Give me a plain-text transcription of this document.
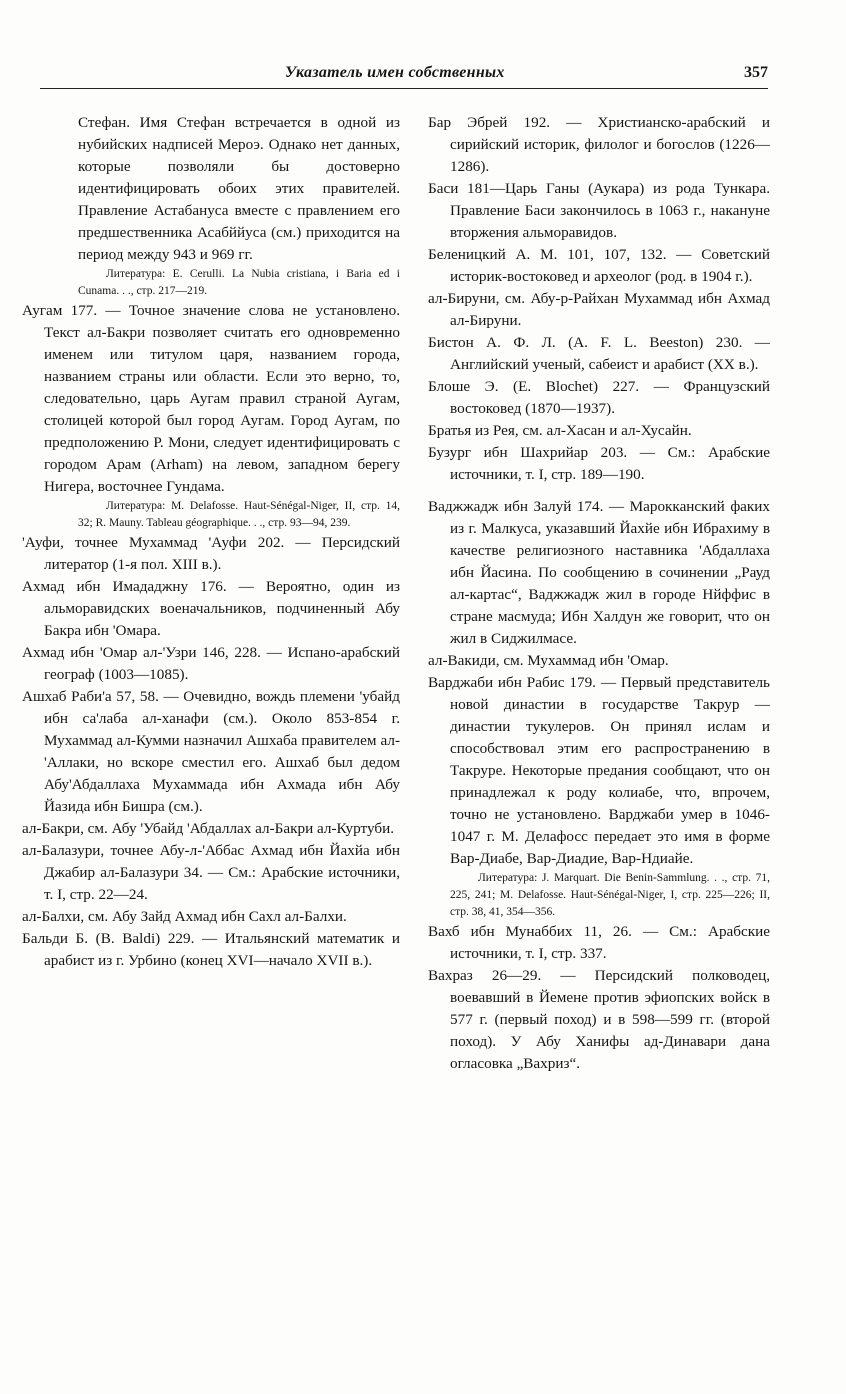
Указатель имен собственных	357
Стефан. Имя Стефан встречается в одной из нубийских надписей Мероэ. Однако нет данных, которые позволяли бы достоверно идентифицировать обоих этих правителей. Правление Астабануса вместе с правлением его предшественника Асабййуса (см.) приходится на период между 943 и 969 гг.
Литература: E. Cerulli. La Nubia cristiana, i Baria ed i Cunama. . ., стр. 217—219.
Аугам 177. — Точное значение слова не установлено. Текст ал-Бакри позволяет считать его одновременно именем или титулом царя, названием города, названием страны или области. Если это верно, то, следовательно, царь Аугам правил страной Аугам, столицей которой был город Аугам. Город Аугам, по предположению Р. Мони, следует идентифицировать с городом Арам (Arham) на левом, западном берегу Нигера, восточнее Гундама.
Литература: M. Delafosse. Haut-Sénégal-Niger, II, стр. 14, 32; R. Mauny. Tableau géographique. . ., стр. 93—94, 239.
'Ауфи, точнее Мухаммад 'Ауфи 202. — Персидский литератор (1-я пол. XIII в.).
Ахмад ибн Имададжну 176. — Вероятно, один из альморавидских военачальников, подчиненный Абу Бакра ибн 'Омара.
Ахмад ибн 'Омар ал-'Узри 146, 228. — Испано-арабский географ (1003—1085).
Ашхаб Раби'а 57, 58. — Очевидно, вождь племени 'убайд ибн са'лаба ал-ханафи (см.). Около 853-854 г. Мухаммад ал-Кумми назначил Ашхаба правителем ал-'Аллаки, но вскоре сместил его. Ашхаб был дедом Абу'Абдаллаха Мухаммада ибн Ахмада ибн Абу Йазида ибн Бишра (см.).
ал-Бакри, см. Абу 'Убайд 'Абдаллах ал-Бакри ал-Куртуби.
ал-Балазури, точнее Абу-л-'Аббас Ахмад ибн Йахйа ибн Джабир ал-Балазури 34. — См.: Арабские источники, т. I, стр. 22—24.
ал-Балхи, см. Абу Зайд Ахмад ибн Сахл ал-Балхи.
Бальди Б. (B. Baldi) 229. — Итальянский математик и арабист из г. Урбино (конец XVI—начало XVII в.).
Бар Эбрей 192. — Христианско-арабский и сирийский историк, филолог и богослов (1226—1286).
Баси 181—Царь Ганы (Аукара) из рода Тункара. Правление Баси закончилось в 1063 г., накануне вторжения альморавидов.
Беленицкий А. М. 101, 107, 132. — Советский историк-востоковед и археолог (род. в 1904 г.).
ал-Бируни, см. Абу-р-Райхан Мухаммад ибн Ахмад ал-Бируни.
Бистон А. Ф. Л. (A. F. L. Beeston) 230. — Английский ученый, сабеист и арабист (XX в.).
Блоше Э. (E. Blochet) 227. — Французский востоковед (1870—1937).
Братья из Рея, см. ал-Хасан и ал-Хусайн.
Бузург ибн Шахрийар 203. — См.: Арабские источники, т. I, стр. 189—190.
Ваджжадж ибн Залуй 174. — Марокканский факих из г. Малкуса, указавший Йахйе ибн Ибрахиму в качестве религиозного наставника 'Абдаллаха ибн Йасина. По сообщению в сочинении „Рауд ал-картас“, Ваджжадж жил в городе Нйффис в стране масмуда; Ибн Халдун же говорит, что он жил в Сиджилмасе.
ал-Вакиди, см. Мухаммад ибн 'Омар.
Варджаби ибн Рабис 179. — Первый представитель новой династии в государстве Такрур — династии тукулеров. Он принял ислам и способствовал этим его распространению в Такруре. Некоторые предания сообщают, что он принадлежал к роду колиабе, что, впрочем, точно не установлено. Варджаби умер в 1046-1047 г. М. Делафосс передает это имя в форме Вар-Диабе, Вар-Диадие, Вар-Ндиайе.
Литература: J. Marquart. Die Benin-Sammlung. . ., стр. 71, 225, 241; M. Delafosse. Haut-Sénégal-Niger, I, стр. 225—226; II, стр. 38, 41, 354—356.
Вахб ибн Мунаббих 11, 26. — См.: Арабские источники, т. I, стр. 337.
Вахраз 26—29. — Персидский полководец, воевавший в Йемене против эфиопских войск в 577 г. (первый поход) и в 598—599 гг. (второй поход). У Абу Ханифы ад-Динавари дана огласовка „Вахриз“.
